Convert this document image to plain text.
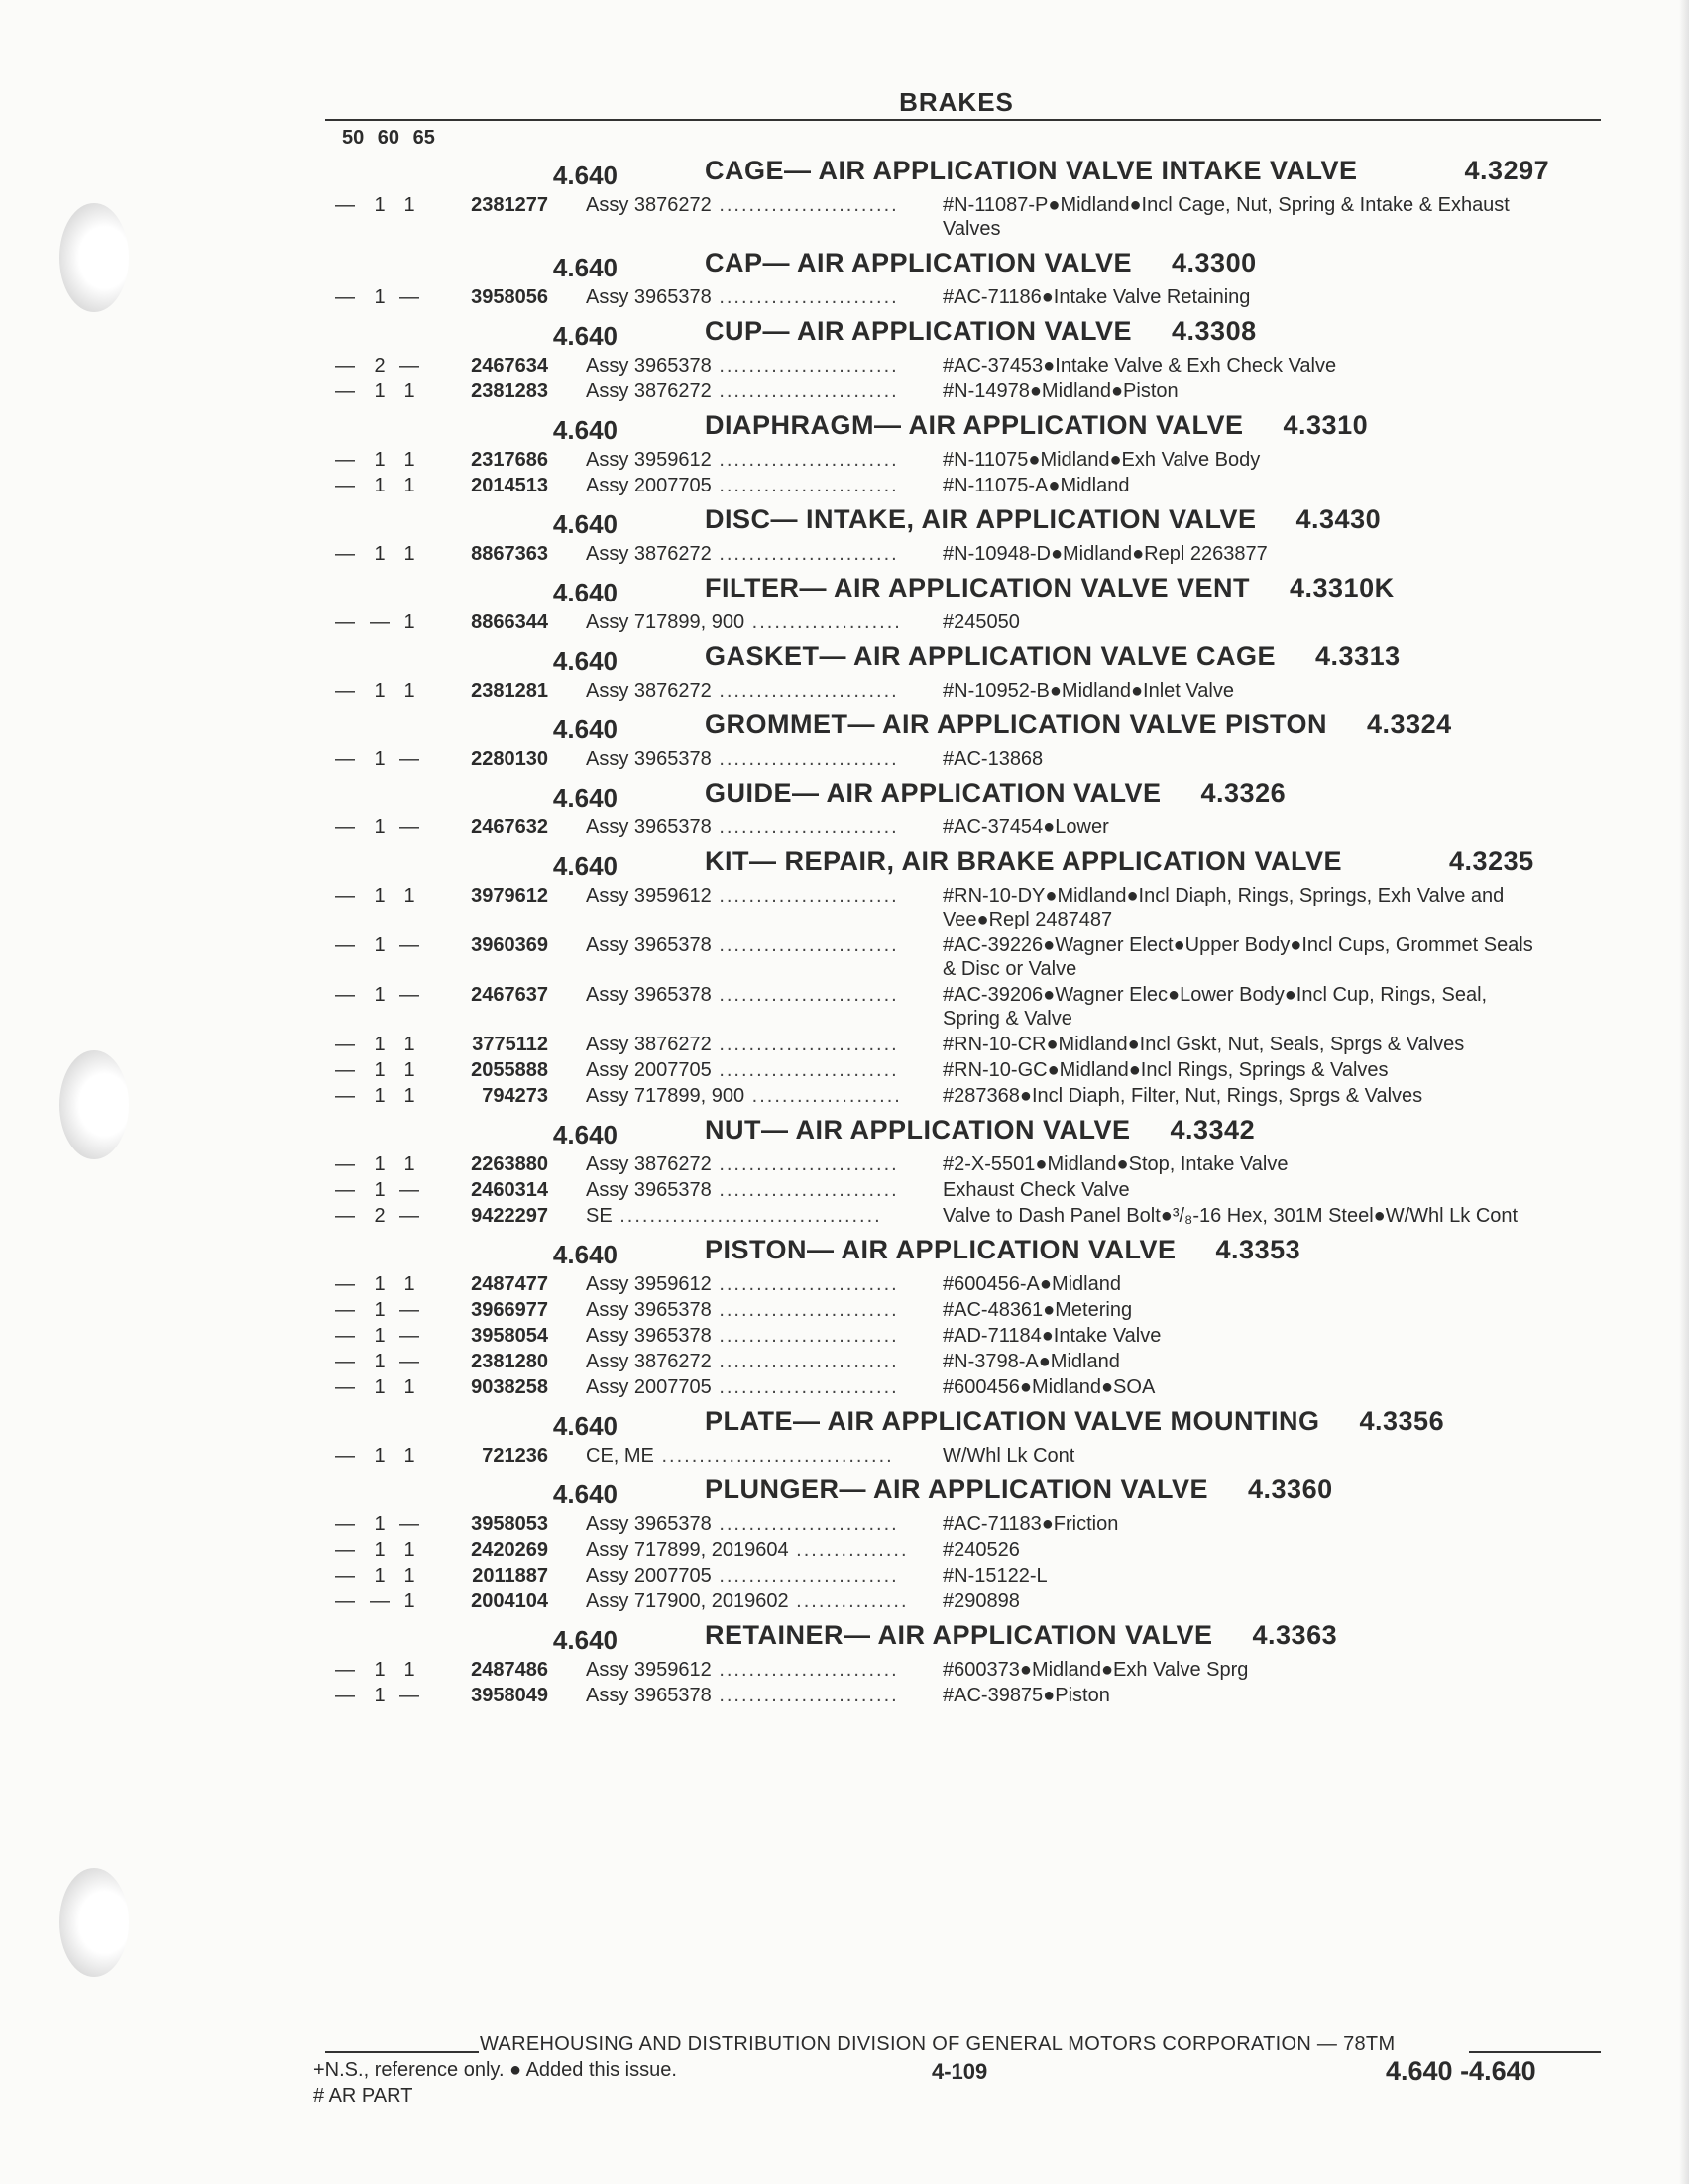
BRAKES
50 60 65
4.640	CAGE— AIR APPLICATION VALVE INTAKE VALVE	4.3297
— 1 1	2381277 Assy 3876272 ........................	#N-11087-P●Midland●Incl Cage, Nut, Spring & Intake & Exhaust Valves
4.640	CAP— AIR APPLICATION VALVE 4.3300
— 1 —	3958056 Assy 3965378 ........................	#AC-71186●Intake Valve Retaining
4.640	CUP— AIR APPLICATION VALVE 4.3308
— 2 —	2467634 Assy 3965378 ........................	#AC-37453●Intake Valve & Exh Check Valve
— 1 1	2381283 Assy 3876272 ........................	#N-14978●Midland●Piston
4.640	DIAPHRAGM— AIR APPLICATION VALVE 4.3310
— 1 1	2317686 Assy 3959612 ........................	#N-11075●Midland●Exh Valve Body
— 1 1	2014513 Assy 2007705 ........................	#N-11075-A●Midland
4.640	DISC— INTAKE, AIR APPLICATION VALVE 4.3430
— 1 1	8867363 Assy 3876272 ........................	#N-10948-D●Midland●Repl 2263877
4.640	FILTER— AIR APPLICATION VALVE VENT 4.3310K
— — 1	8866344 Assy 717899, 900 ....................	#245050
4.640	GASKET— AIR APPLICATION VALVE CAGE 4.3313
— 1 1	2381281 Assy 3876272 ........................	#N-10952-B●Midland●Inlet Valve
4.640	GROMMET— AIR APPLICATION VALVE PISTON 4.3324
— 1 —	2280130 Assy 3965378 ........................	#AC-13868
4.640	GUIDE— AIR APPLICATION VALVE 4.3326
— 1 —	2467632 Assy 3965378 ........................	#AC-37454●Lower
4.640	KIT— REPAIR, AIR BRAKE APPLICATION VALVE	4.3235
— 1 1	3979612 Assy 3959612 ........................	#RN-10-DY●Midland●Incl Diaph, Rings, Springs, Exh Valve and Vee●Repl 2487487
— 1 —	3960369 Assy 3965378 ........................	#AC-39226●Wagner Elect●Upper Body●Incl Cups, Grommet Seals & Disc or Valve
— 1 —	2467637 Assy 3965378 ........................	#AC-39206●Wagner Elec●Lower Body●Incl Cup, Rings, Seal, Spring & Valve
— 1 1	3775112 Assy 3876272 ........................	#RN-10-CR●Midland●Incl Gskt, Nut, Seals, Sprgs & Valves
— 1 1	2055888 Assy 2007705 ........................	#RN-10-GC●Midland●Incl Rings, Springs & Valves
— 1 1	794273 Assy 717899, 900 ....................	#287368●Incl Diaph, Filter, Nut, Rings, Sprgs & Valves
4.640	NUT— AIR APPLICATION VALVE 4.3342
— 1 1	2263880 Assy 3876272 ........................	#2-X-5501●Midland●Stop, Intake Valve
— 1 —	2460314 Assy 3965378 ........................	Exhaust Check Valve
— 2 —	9422297 SE ...................................	Valve to Dash Panel Bolt●³/₈-16 Hex, 301M Steel●W/Whl Lk Cont
4.640	PISTON— AIR APPLICATION VALVE 4.3353
— 1 1	2487477 Assy 3959612 ........................	#600456-A●Midland
— 1 —	3966977 Assy 3965378 ........................	#AC-48361●Metering
— 1 —	3958054 Assy 3965378 ........................	#AD-71184●Intake Valve
— 1 —	2381280 Assy 3876272 ........................	#N-3798-A●Midland
— 1 1	9038258 Assy 2007705 ........................	#600456●Midland●SOA
4.640	PLATE— AIR APPLICATION VALVE MOUNTING 4.3356
— 1 1	721236 CE, ME ...............................	W/Whl Lk Cont
4.640	PLUNGER— AIR APPLICATION VALVE 4.3360
— 1 —	3958053 Assy 3965378 ........................	#AC-71183●Friction
— 1 1	2420269 Assy 717899, 2019604 ...............	#240526
— 1 1	2011887 Assy 2007705 ........................	#N-15122-L
— — 1	2004104 Assy 717900, 2019602 ...............	#290898
4.640	RETAINER— AIR APPLICATION VALVE 4.3363
— 1 1	2487486 Assy 3959612 ........................	#600373●Midland●Exh Valve Sprg
— 1 —	3958049 Assy 3965378 ........................	#AC-39875●Piston
WAREHOUSING AND DISTRIBUTION DIVISION OF GENERAL MOTORS CORPORATION — 78TM
+N.S., reference only. ● Added this issue.	4-109	4.640 -4.640
# AR PART
